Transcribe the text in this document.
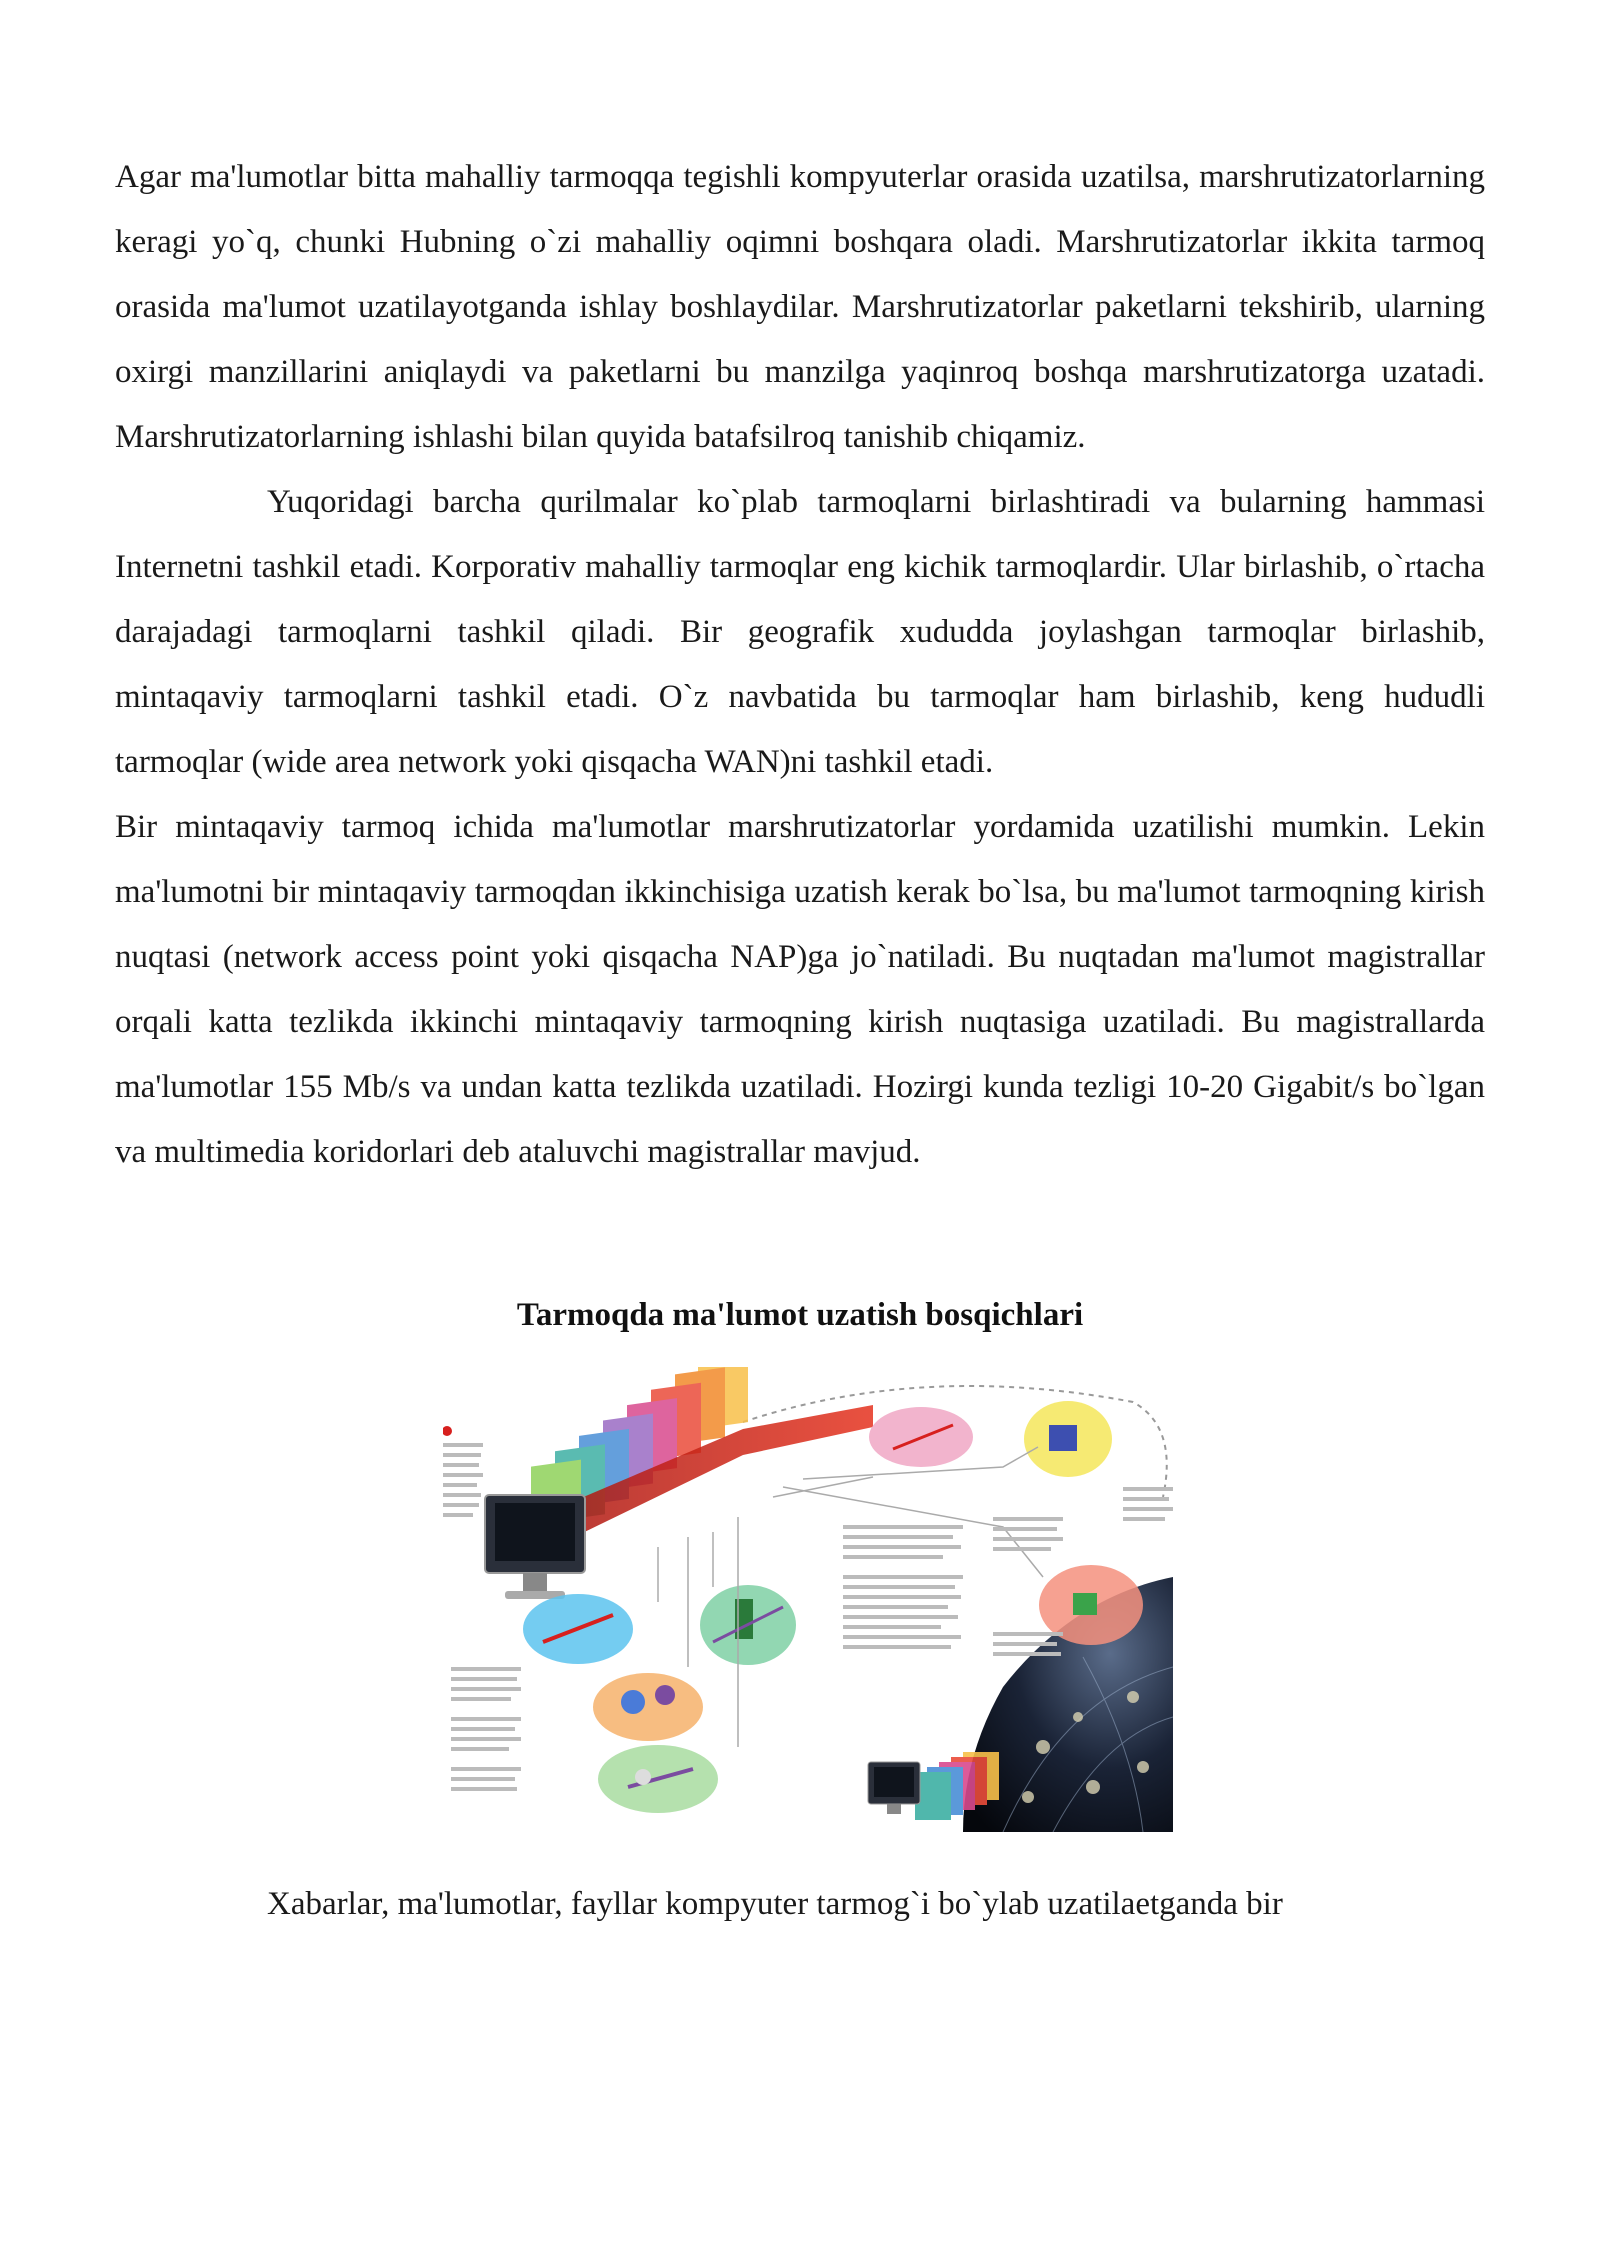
Agar ma'lumotlar bitta mahalliy tarmoqqa tegishli kompyuterlar orasida uzatilsa, marshrutizatorlarning keragi yo`q, chunki Hubning o`zi mahalliy oqimni boshqara oladi. Marshrutizatorlar ikkita tarmoq orasida ma'lumot uzatilayotganda ishlay boshlaydilar. Marshrutizatorlar paketlarni tekshirib, ularning oxirgi manzillarini aniqlaydi va paketlarni bu manzilga yaqinroq boshqa marshrutizatorga uzatadi. Marshrutizatorlarning ishlashi bilan quyida batafsilroq tanishib chiqamiz.

Yuqoridagi barcha qurilmalar ko`plab tarmoqlarni birlashtiradi va bularning hammasi Internetni tashkil etadi. Korporativ mahalliy tarmoqlar eng kichik tarmoqlardir. Ular birlashib, o`rtacha darajadagi tarmoqlarni tashkil qiladi. Bir geografik xududda joylashgan tarmoqlar birlashib, mintaqaviy tarmoqlarni tashkil etadi. O`z navbatida bu tarmoqlar ham birlashib, keng hududli tarmoqlar (wide area network yoki qisqacha WAN)ni tashkil etadi.

Bir mintaqaviy tarmoq ichida ma'lumotlar marshrutizatorlar yordamida uzatilishi mumkin. Lekin ma'lumotni bir mintaqaviy tarmoqdan ikkinchisiga uzatish kerak bo`lsa, bu ma'lumot tarmoqning kirish nuqtasi (network access point yoki qisqacha NAP)ga jo`natiladi. Bu nuqtadan ma'lumot magistrallar orqali katta tezlikda ikkinchi mintaqaviy tarmoqning kirish nuqtasiga uzatiladi. Bu magistrallarda ma'lumotlar 155 Mb/s va undan katta tezlikda uzatiladi. Hozirgi kunda tezligi 10-20 Gigabit/s bo`lgan va multimedia koridorlari deb ataluvchi magistrallar mavjud.

Tarmoqda ma'lumot uzatish bosqichlari

Xabarlar, ma'lumotlar, fayllar kompyuter tarmog`i bo`ylab uzatilaetganda bir
